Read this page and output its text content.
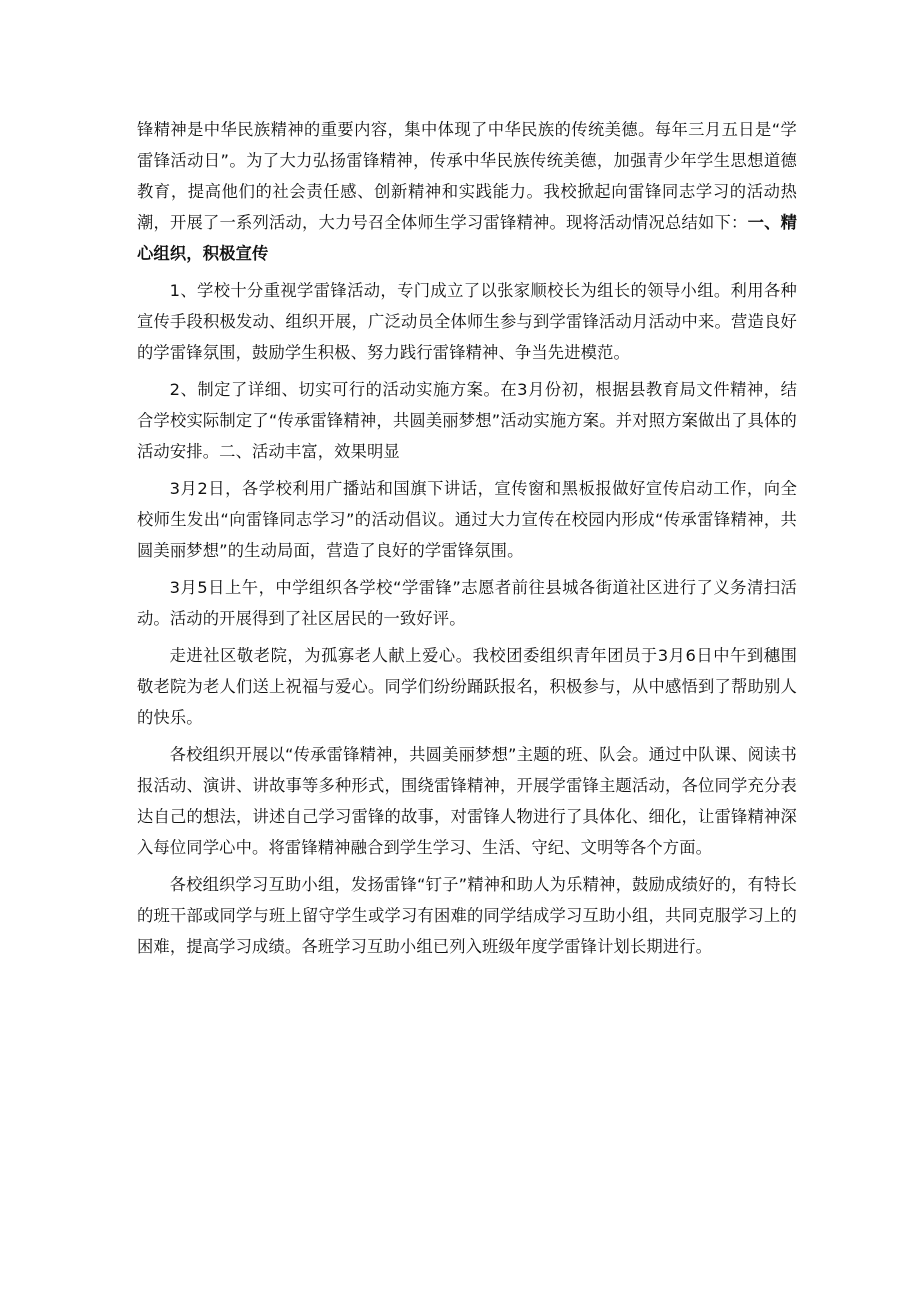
锋精神是中华民族精神的重要内容，集中体现了中华民族的传统美德。每年三月五日是“学雷锋活动日”。为了大力弘扬雷锋精神，传承中华民族传统美德，加强青少年学生思想道德教育，提高他们的社会责任感、创新精神和实践能力。我校掀起向雷锋同志学习的活动热潮，开展了一系列活动，大力号召全体师生学习雷锋精神。现将活动情况总结如下：一、精心组织，积极宣传

1、学校十分重视学雷锋活动，专门成立了以张家顺校长为组长的领导小组。利用各种宣传手段积极发动、组织开展，广泛动员全体师生参与到学雷锋活动月活动中来。营造良好的学雷锋氛围，鼓励学生积极、努力践行雷锋精神、争当先进模范。

2、制定了详细、切实可行的活动实施方案。在3月份初，根据县教育局文件精神，结合学校实际制定了“传承雷锋精神，共圆美丽梦想”活动实施方案。并对照方案做出了具体的活动安排。二、活动丰富，效果明显

3月2日，各学校利用广播站和国旗下讲话，宣传窗和黑板报做好宣传启动工作，向全校师生发出“向雷锋同志学习”的活动倡议。通过大力宣传在校园内形成“传承雷锋精神，共圆美丽梦想”的生动局面，营造了良好的学雷锋氛围。

3月5日上午，中学组织各学校“学雷锋”志愿者前往县城各街道社区进行了义务清扫活动。活动的开展得到了社区居民的一致好评。

走进社区敬老院，为孤寡老人献上爱心。我校团委组织青年团员于3月6日中午到穗围敬老院为老人们送上祝福与爱心。同学们纷纷踊跃报名，积极参与，从中感悟到了帮助别人的快乐。

各校组织开展以“传承雷锋精神，共圆美丽梦想”主题的班、队会。通过中队课、阅读书报活动、演讲、讲故事等多种形式，围绕雷锋精神，开展学雷锋主题活动，各位同学充分表达自己的想法，讲述自己学习雷锋的故事，对雷锋人物进行了具体化、细化，让雷锋精神深入每位同学心中。将雷锋精神融合到学生学习、生活、守纪、文明等各个方面。

各校组织学习互助小组，发扬雷锋“钉子”精神和助人为乐精神，鼓励成绩好的，有特长的班干部或同学与班上留守学生或学习有困难的同学结成学习互助小组，共同克服学习上的困难，提高学习成绩。各班学习互助小组已列入班级年度学雷锋计划长期进行。
